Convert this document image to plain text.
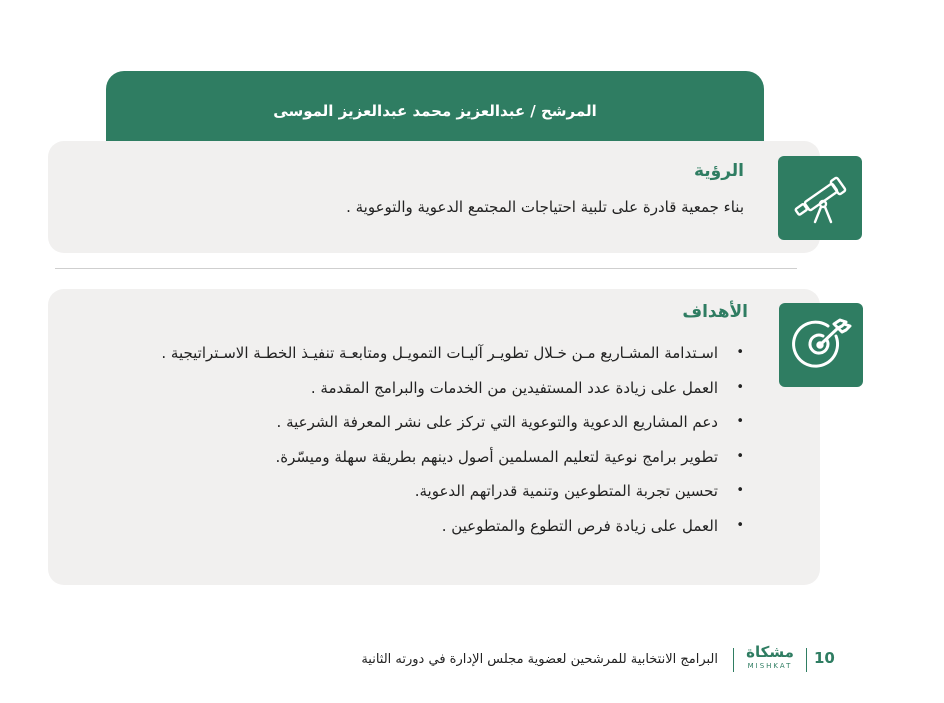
المرشح / عبدالعزيز محمد عبدالعزيز الموسى
الرؤية
بناء جمعية قادرة على تلبية احتياجات المجتمع الدعوية والتوعوية .
الأهداف
• اسـتدامة المشـاريع مـن خـلال تطويـر آليـات التمويـل ومتابعـة تنفيـذ الخطـة الاسـتراتيجية .
• العمل على زيادة عدد المستفيدين من الخدمات والبرامج المقدمة .
• دعم المشاريع الدعوية والتوعوية التي تركز على نشر المعرفة الشرعية .
• تطوير برامج نوعية لتعليم المسلمين أصول دينهم بطريقة سهلة وميسّرة.
• تحسين تجربة المتطوعين وتنمية قدراتهم الدعوية.
• العمل على زيادة فرص التطوع والمتطوعين .
10
مشكاة
MISHKAT
البرامج الانتخابية للمرشحين لعضوية مجلس الإدارة في دورته الثانية
